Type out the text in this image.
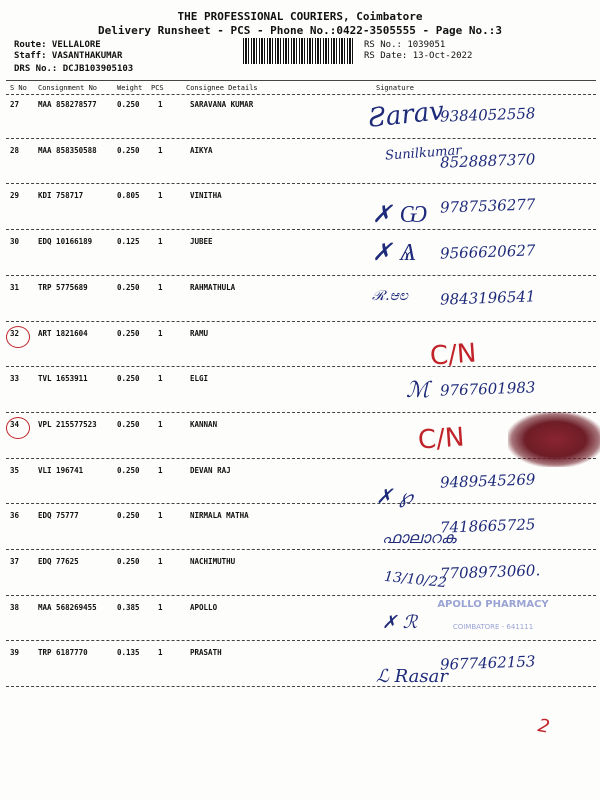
THE PROFESSIONAL COURIERS, Coimbatore
Delivery Runsheet - PCS - Phone No.:0422-3505555 - Page No.:3
Route: VELLALORE
Staff: VASANTHAKUMAR
DRS No.: DCJB103905103
RS No.: 1039051
RS Date: 13-Oct-2022
S No Consignment No	Weight PCS	Consignee Details	Signature
27	MAA 858278577	0.250 1	SARAVANA KUMAR	9384052558
28	MAA 858350588	0.250 1	AIKYA	8528887370
29	KDI 758717	0.805 1	VINITHA	9787536277
30	EDQ 10166189	0.125 1	JUBEE	9566620627
31	TRP 5775689	0.250 1	RAHMATHULA	9843196541
32	ART 1821604	0.250 1	RAMU
33	TVL 1653911	0.250 1	ELGI	9767601983
34	VPL 215577523	0.250 1	KANNAN
35	VLI 196741	0.250 1	DEVAN RAJ	9489545269
36	EDQ 75777	0.250 1	NIRMALA MATHA	7418665725
37	EDQ 77625	0.250 1	NACHIMUTHU	7708973060.
38	MAA 568269455	0.385 1	APOLLO
39	TRP 6187770	0.135 1	PRASATH	9677462153
Ƨarav
Sunilkumar
✗ Ѡ
✗ Ѧ
ℛ.ಆಲ
C/N
ℳ
C/N
✗ ℘
ഫാലാറക
13/10/22
APOLLO PHARMACY
COIMBATORE - 641111
✗ ℛ
ℒ Rasar
2
